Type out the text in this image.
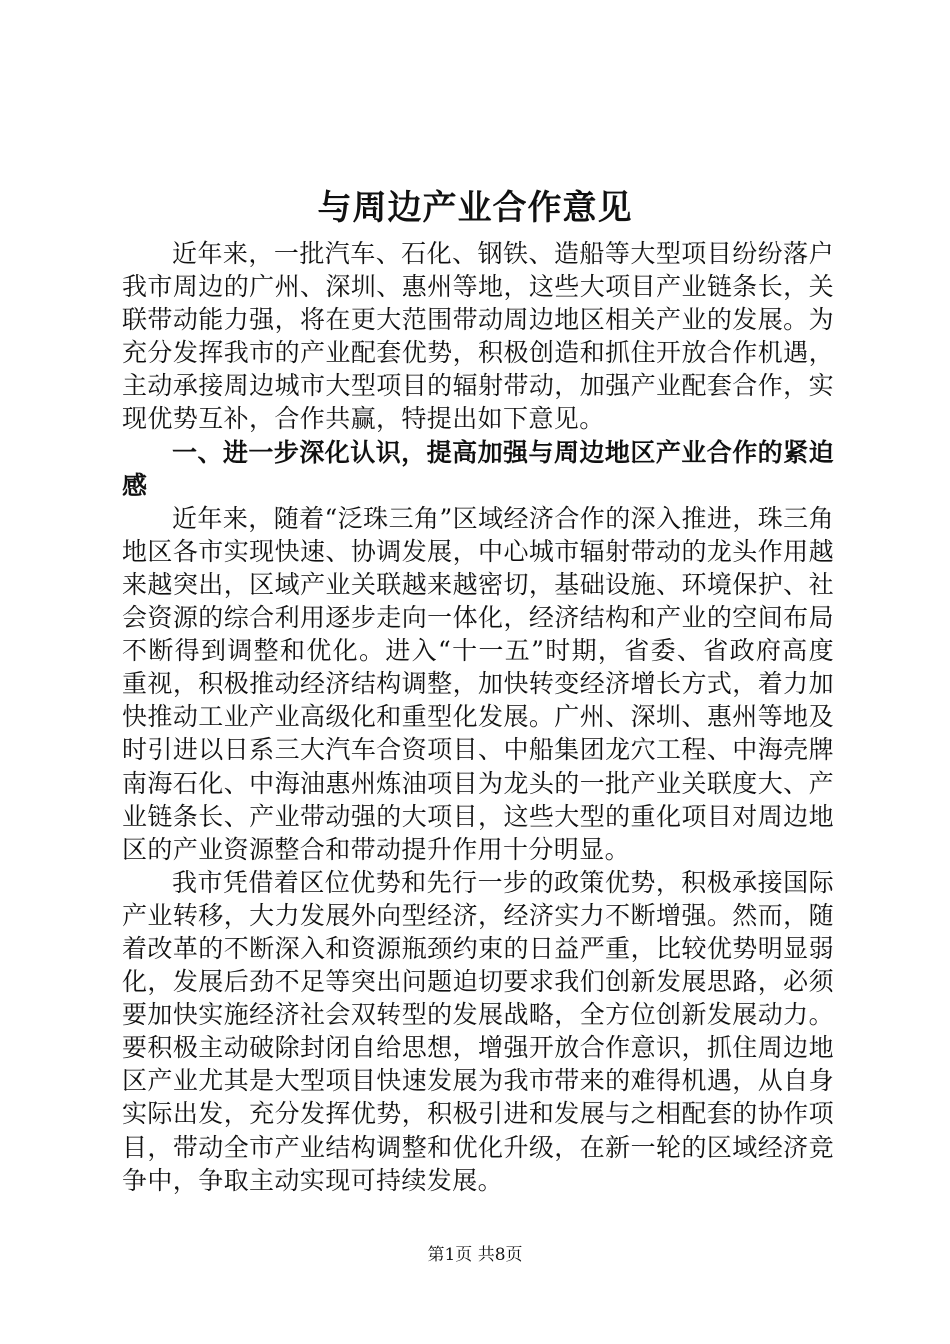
与周边产业合作意见

近年来，一批汽车、石化、钢铁、造船等大型项目纷纷落户我市周边的广州、深圳、惠州等地，这些大项目产业链条长，关联带动能力强，将在更大范围带动周边地区相关产业的发展。为充分发挥我市的产业配套优势，积极创造和抓住开放合作机遇，主动承接周边城市大型项目的辐射带动，加强产业配套合作，实现优势互补，合作共赢，特提出如下意见。

一、进一步深化认识，提高加强与周边地区产业合作的紧迫感

近年来，随着“泛珠三角”区域经济合作的深入推进，珠三角地区各市实现快速、协调发展，中心城市辐射带动的龙头作用越来越突出，区域产业关联越来越密切，基础设施、环境保护、社会资源的综合利用逐步走向一体化，经济结构和产业的空间布局不断得到调整和优化。进入“十一五”时期，省委、省政府高度重视，积极推动经济结构调整，加快转变经济增长方式，着力加快推动工业产业高级化和重型化发展。广州、深圳、惠州等地及时引进以日系三大汽车合资项目、中船集团龙穴工程、中海壳牌南海石化、中海油惠州炼油项目为龙头的一批产业关联度大、产业链条长、产业带动强的大项目，这些大型的重化项目对周边地区的产业资源整合和带动提升作用十分明显。

我市凭借着区位优势和先行一步的政策优势，积极承接国际产业转移，大力发展外向型经济，经济实力不断增强。然而，随着改革的不断深入和资源瓶颈约束的日益严重，比较优势明显弱化，发展后劲不足等突出问题迫切要求我们创新发展思路，必须要加快实施经济社会双转型的发展战略，全方位创新发展动力。要积极主动破除封闭自给思想，增强开放合作意识，抓住周边地区产业尤其是大型项目快速发展为我市带来的难得机遇，从自身实际出发，充分发挥优势，积极引进和发展与之相配套的协作项目，带动全市产业结构调整和优化升级，在新一轮的区域经济竞争中，争取主动实现可持续发展。

第1页 共8页
